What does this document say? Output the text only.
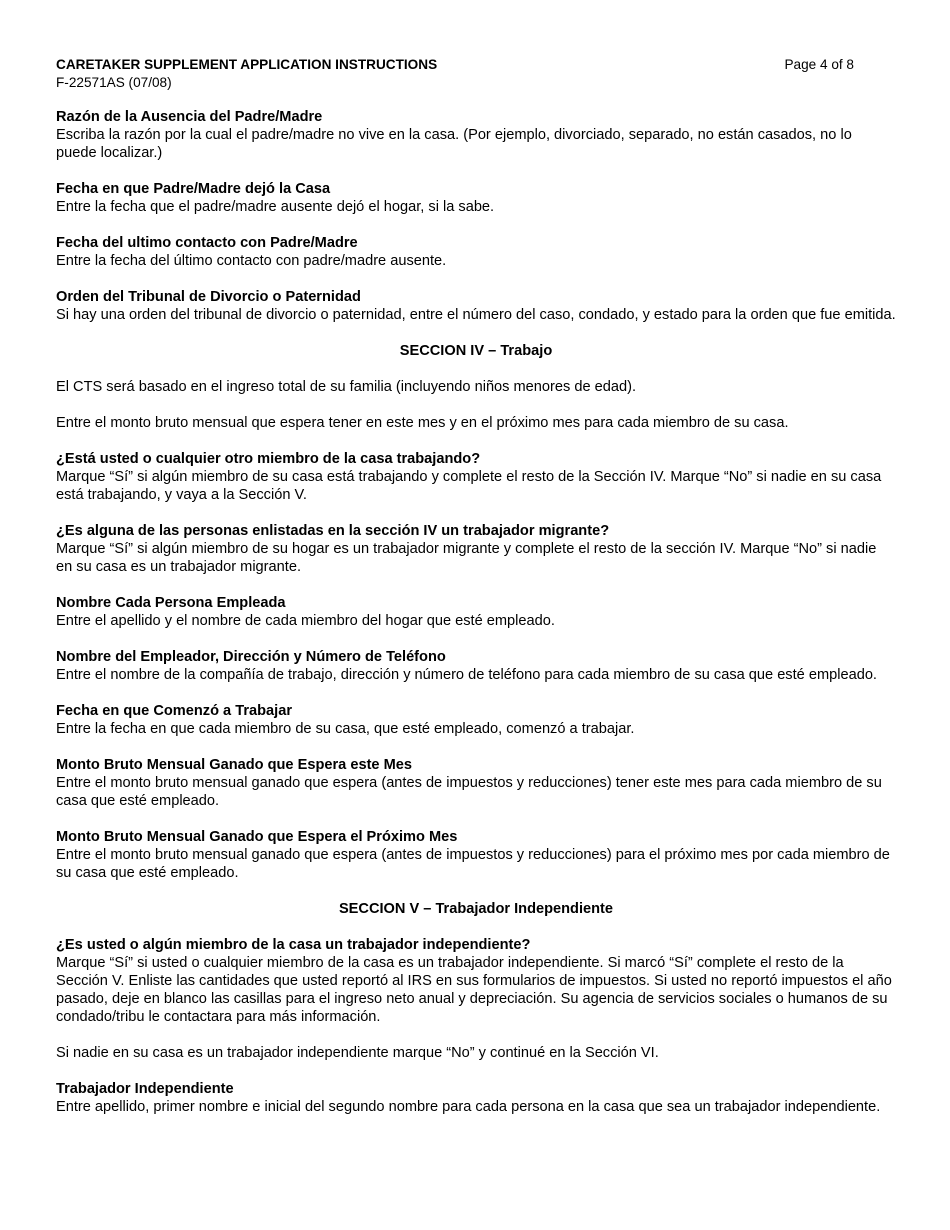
CARETAKER SUPPLEMENT APPLICATION INSTRUCTIONS	Page 4 of 8
F-22571AS (07/08)
Razón de la Ausencia del Padre/Madre
Escriba la razón por la cual el padre/madre no vive en la casa. (Por ejemplo, divorciado, separado, no están casados, no lo puede localizar.)
Fecha en que Padre/Madre dejó la Casa
Entre la fecha que el padre/madre ausente dejó el hogar, si la sabe.
Fecha del ultimo contacto con Padre/Madre
Entre la fecha del último contacto con padre/madre ausente.
Orden del Tribunal de Divorcio o Paternidad
Si hay una orden del tribunal de divorcio o paternidad, entre el número del caso, condado, y estado para la orden que fue emitida.
SECCION IV – Trabajo
El CTS será basado en el ingreso total de su familia (incluyendo niños menores de edad).
Entre el monto bruto mensual que espera tener en este mes y en el próximo mes para cada miembro de su casa.
¿Está usted o cualquier otro miembro de la casa trabajando?
Marque “Sí” si algún miembro de su casa está trabajando y complete el resto de la Sección IV. Marque “No” si nadie en su casa está trabajando, y vaya a la Sección V.
¿Es alguna de las personas enlistadas en la sección IV un trabajador migrante?
Marque “Sí” si algún miembro de su hogar es un trabajador migrante y complete el resto de la sección IV. Marque “No” si nadie en su casa es un trabajador migrante.
Nombre Cada Persona Empleada
Entre el apellido y el nombre de cada miembro del hogar que esté empleado.
Nombre del Empleador, Dirección y Número de Teléfono
Entre el nombre de la compañía de trabajo, dirección y número de teléfono para cada miembro de su casa que esté empleado.
Fecha en que Comenzó a Trabajar
Entre la fecha en que cada miembro de su casa, que esté empleado, comenzó a trabajar.
Monto Bruto Mensual Ganado que Espera este Mes
Entre el monto bruto mensual ganado que espera (antes de impuestos y reducciones) tener este mes para cada miembro de su casa que esté empleado.
Monto Bruto Mensual Ganado que Espera el Próximo Mes
Entre el monto bruto mensual ganado que espera (antes de impuestos y reducciones) para el próximo mes por cada miembro de su casa que esté empleado.
SECCION V – Trabajador Independiente
¿Es usted o algún miembro de la casa un trabajador independiente?
Marque “Sí” si usted o cualquier miembro de la casa es un trabajador independiente. Si marcó “Sí” complete el resto de la Sección V. Enliste las cantidades que usted reportó al IRS en sus formularios de impuestos. Si usted no reportó impuestos el año pasado, deje en blanco las casillas para el ingreso neto anual y depreciación. Su agencia de servicios sociales o humanos de su condado/tribu le contactara para más información.
Si nadie en su casa es un trabajador independiente marque “No” y continué en la Sección VI.
Trabajador Independiente
Entre apellido, primer nombre e inicial del segundo nombre para cada persona en la casa que sea un trabajador independiente.
